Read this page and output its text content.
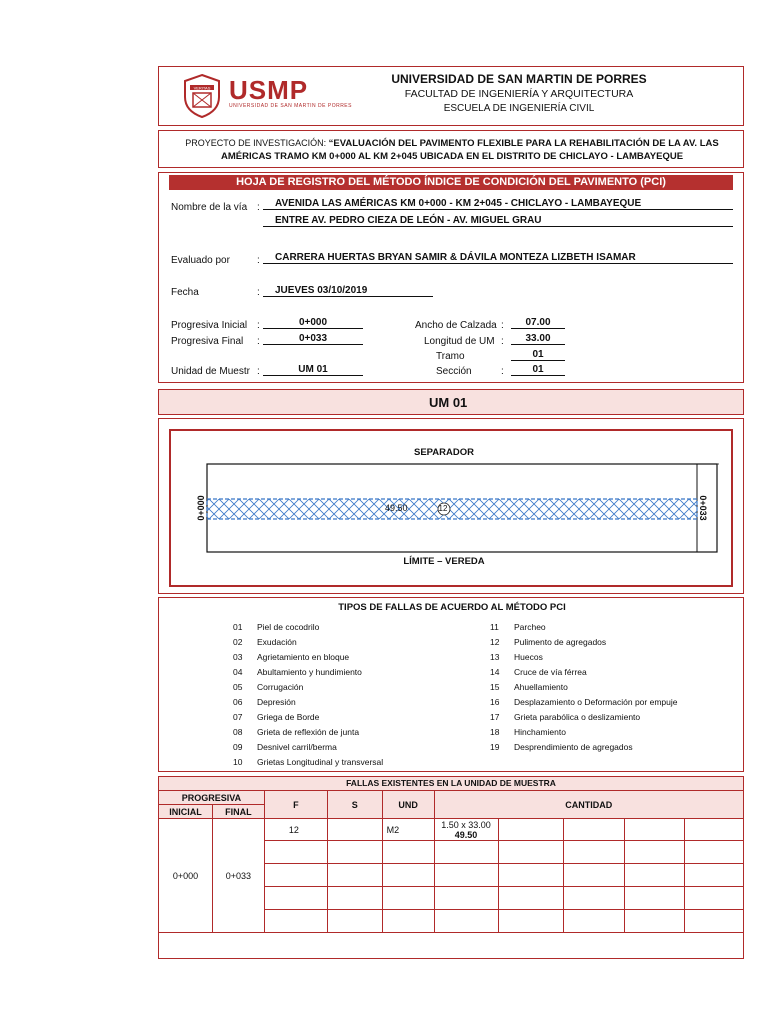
VERITAS USMP
UNIVERSIDAD DE SAN MARTIN DE PORRES
UNIVERSIDAD DE SAN MARTIN DE PORRES
FACULTAD DE INGENIERÍA Y ARQUITECTURA
ESCUELA DE INGENIERÍA CIVIL
PROYECTO DE INVESTIGACIÓN: “EVALUACIÓN DEL PAVIMENTO FLEXIBLE PARA LA REHABILITACIÓN DE LA AV. LAS
AMÉRICAS TRAMO KM 0+000 AL KM 2+045 UBICADA EN EL DISTRITO DE CHICLAYO - LAMBAYEQUE
HOJA DE REGISTRO DEL MÉTODO ÍNDICE DE CONDICIÓN DEL PAVIMENTO (PCI)
Nombre de la vía :	AVENIDA LAS AMÉRICAS KM 0+000 - KM 2+045 - CHICLAYO - LAMBAYEQUE
ENTRE AV. PEDRO CIEZA DE LEÓN - AV. MIGUEL GRAU
Evaluado por	:	CARRERA HUERTAS BRYAN SAMIR & DÁVILA MONTEZA LIZBETH ISAMAR
Fecha	:	JUEVES 03/10/2019
Progresiva Inicial :	0+000
Progresiva Final :	0+033
Unidad de Muestr :	UM 01
Ancho de Calzada :	07.00
Longitud de UM :	33.00
Tramo	01
Sección	:	01
UM 01
SEPARADOR
49.50	12
0+000	0+033
LÍMITE – VEREDA
TIPOS DE FALLAS DE ACUERDO AL MÉTODO PCI
01	Piel de cocodrilo
02	Exudación
03	Agrietamiento en bloque
04	Abultamiento y hundimiento
05	Corrugación
06	Depresión
07	Griega de Borde
08	Grieta de reflexión de junta
09	Desnivel carril/berma
10	Grietas Longitudinal y transversal
11	Parcheo
12	Pulimento de agregados
13	Huecos
14	Cruce de vía férrea
15	Ahuellamiento
16	Desplazamiento o Deformación por empuje
17	Grieta parabólica o deslizamiento
18	Hinchamiento
19	Desprendimiento de agregados
FALLAS EXISTENTES EN LA UNIDAD DE MUESTRA
PROGRESIVA		F	S	UND	CANTIDAD				
INICIAL	FINAL								
0+000	0+033	12		M2	1.50 x 33.00
49.50				
